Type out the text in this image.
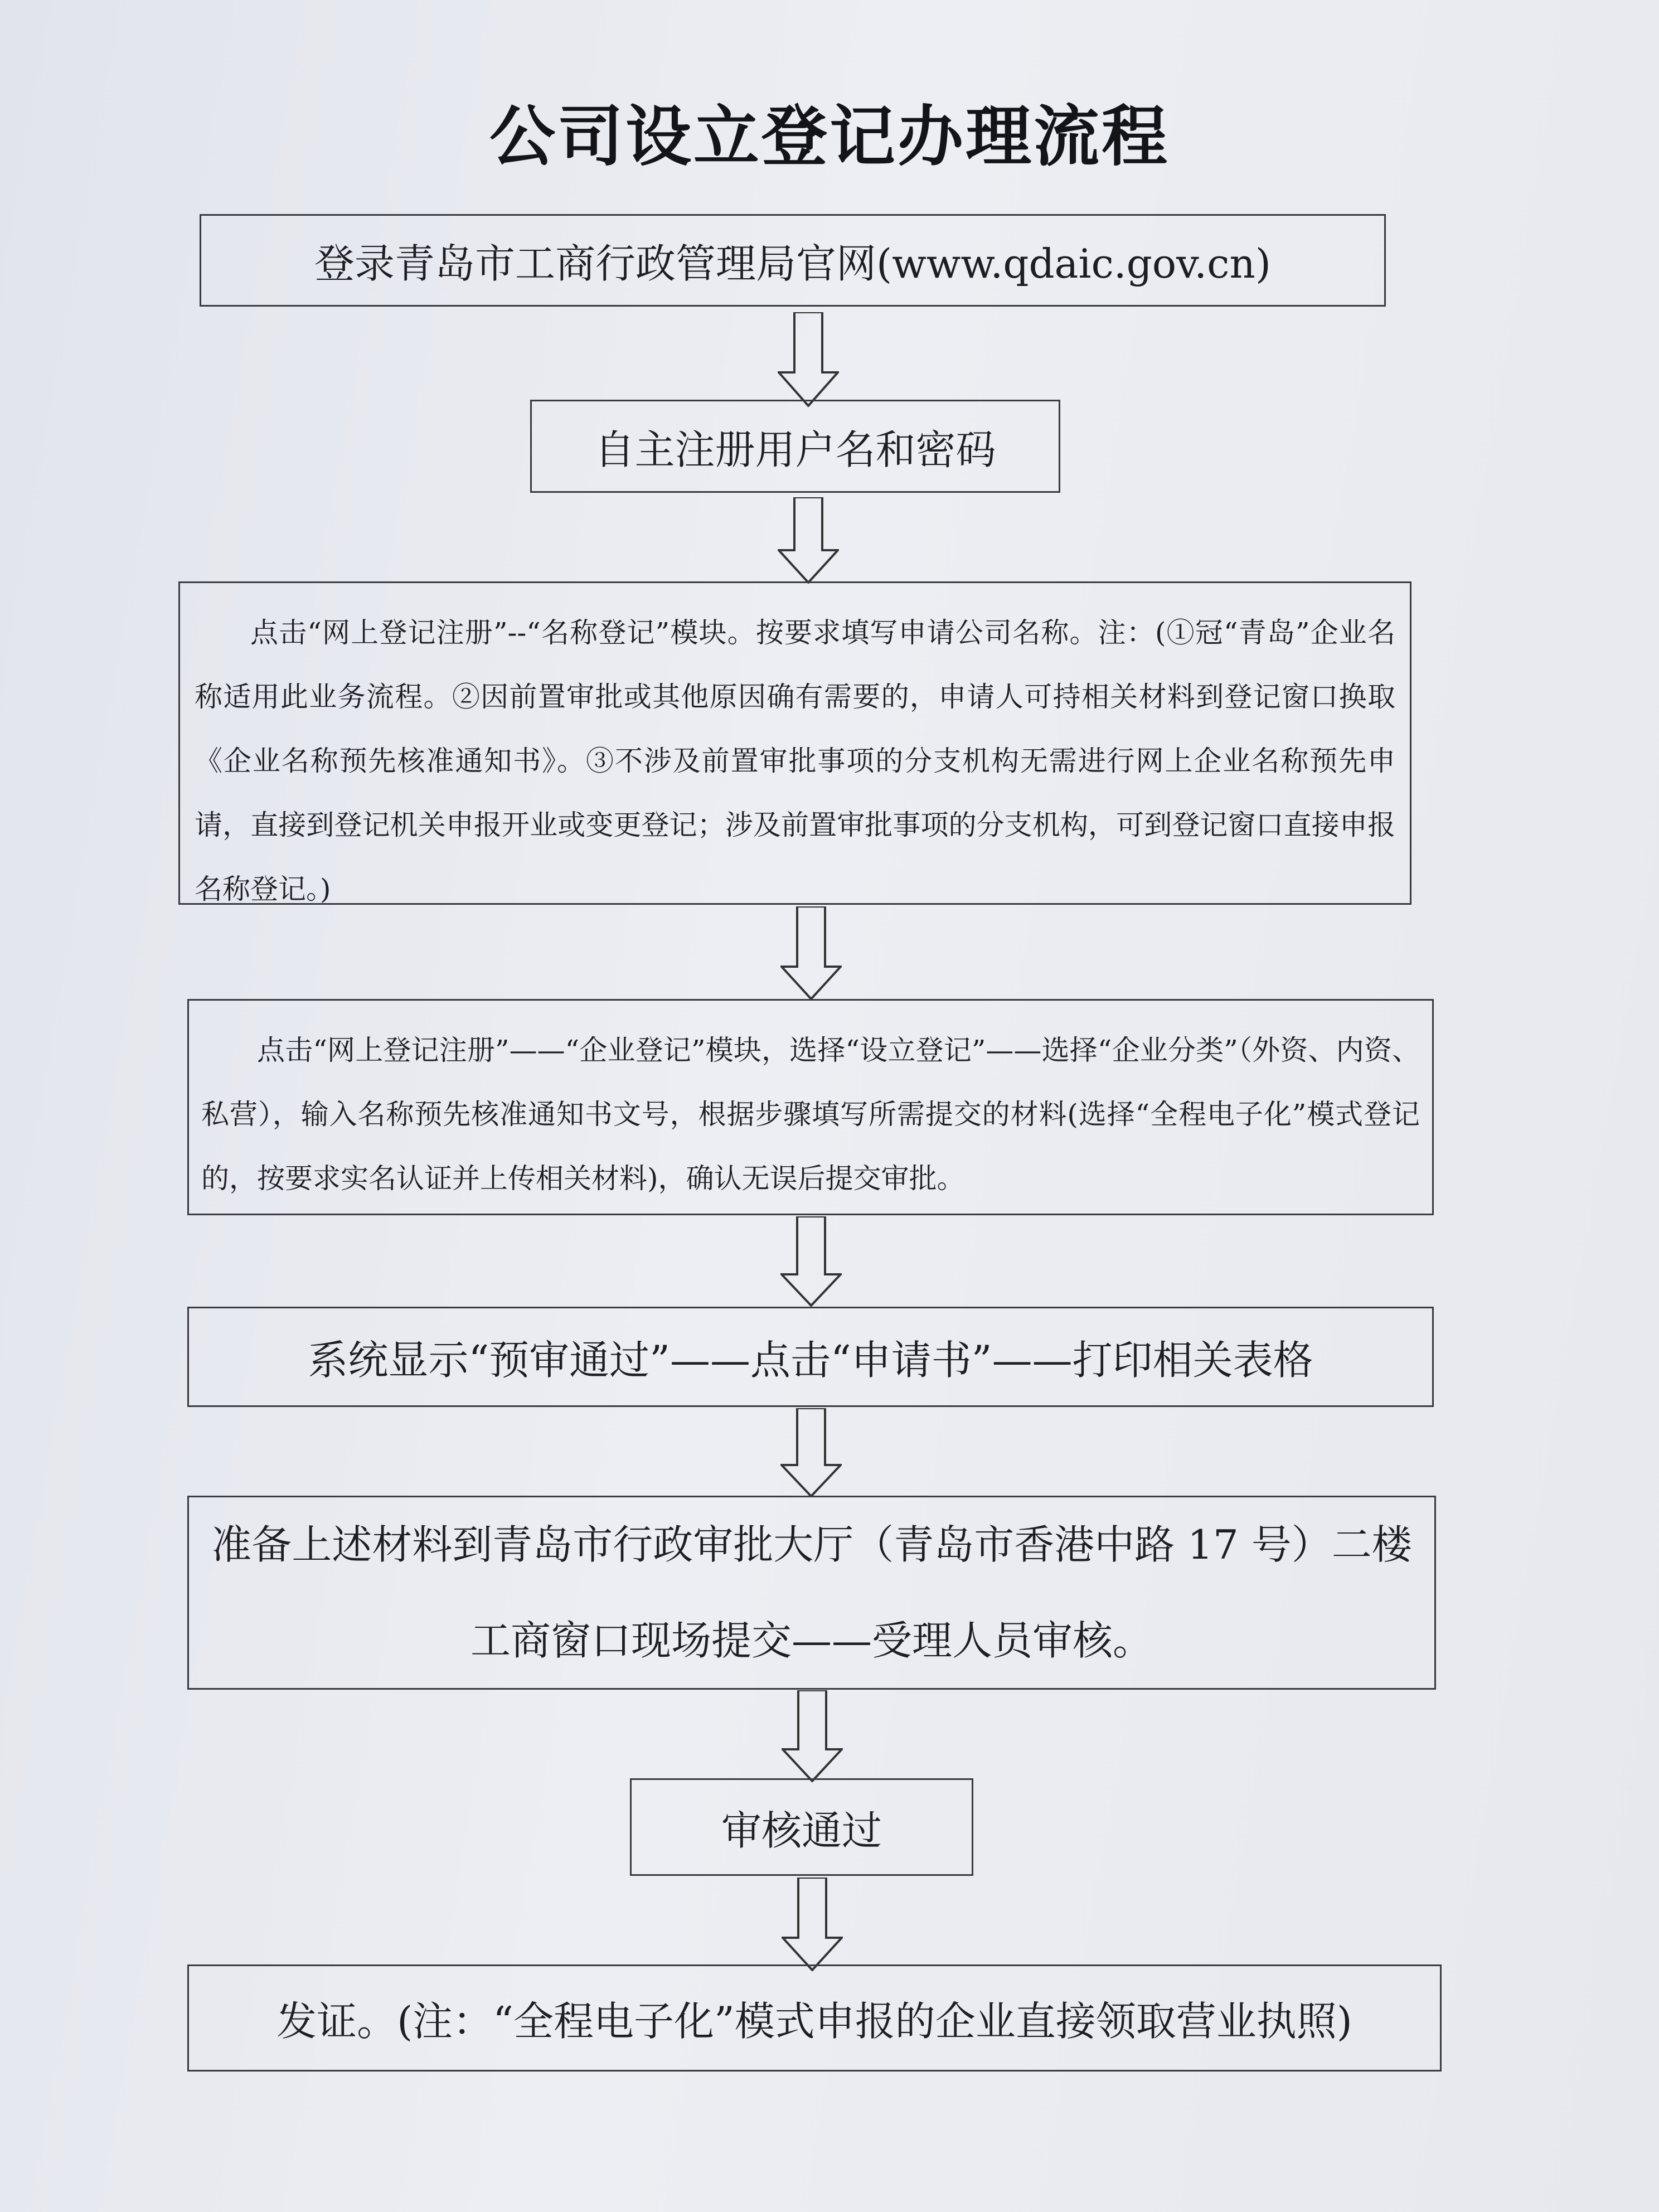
公司设立登记办理流程
登录青岛市工商行政管理局官网(www.qdaic.gov.cn)
自主注册用户名和密码

点击“网上登记注册”--“名称登记”模块。按要求填写申请公司名称。注：(①冠“青岛”企业名称适用此业务流程。②因前置审批或其他原因确有需要的，申请人可持相关材料到登记窗口换取《企业名称预先核准通知书》。③不涉及前置审批事项的分支机构无需进行网上企业名称预先申请，直接到登记机关申报开业或变更登记；涉及前置审批事项的分支机构，可到登记窗口直接申报名称登记。)

点击“网上登记注册”——“企业登记”模块，选择“设立登记”——选择“企业分类”（外资、内资、私营），输入名称预先核准通知书文号，根据步骤填写所需提交的材料(选择“全程电子化”模式登记的，按要求实名认证并上传相关材料)，确认无误后提交审批。

系统显示“预审通过”——点击“申请书”——打印相关表格

准备上述材料到青岛市行政审批大厅（青岛市香港中路 17 号）二楼

工商窗口现场提交——受理人员审核。

审核通过
发证。(注：“全程电子化”模式申报的企业直接领取营业执照)
